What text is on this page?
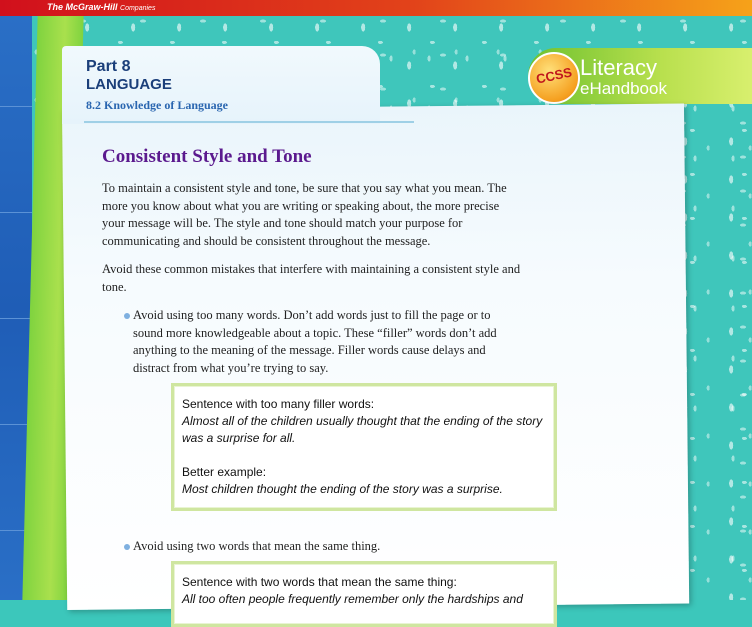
The McGraw-Hill Companies
CCSS Literacy
eHandbook
Part 8
LANGUAGE
8.2 Knowledge of Language
Consistent Style and Tone

To maintain a consistent style and tone, be sure that you say what you mean. The more you know about what you are writing or speaking about, the more precise your message will be. The style and tone should match your purpose for communicating and should be consistent throughout the message.

Avoid these common mistakes that interfere with maintaining a consistent style and tone.

Avoid using too many words. Don’t add words just to fill the page or to sound more knowledgeable about a topic. These “filler” words don’t add anything to the meaning of the message. Filler words cause delays and distract from what you’re trying to say.

Sentence with too many filler words:

Almost all of the children usually thought that the ending of the story was a surprise for all.

Better example:

Most children thought the ending of the story was a surprise.

Avoid using two words that mean the same thing.

Sentence with two words that mean the same thing:

All too often people frequently remember only the hardships and
